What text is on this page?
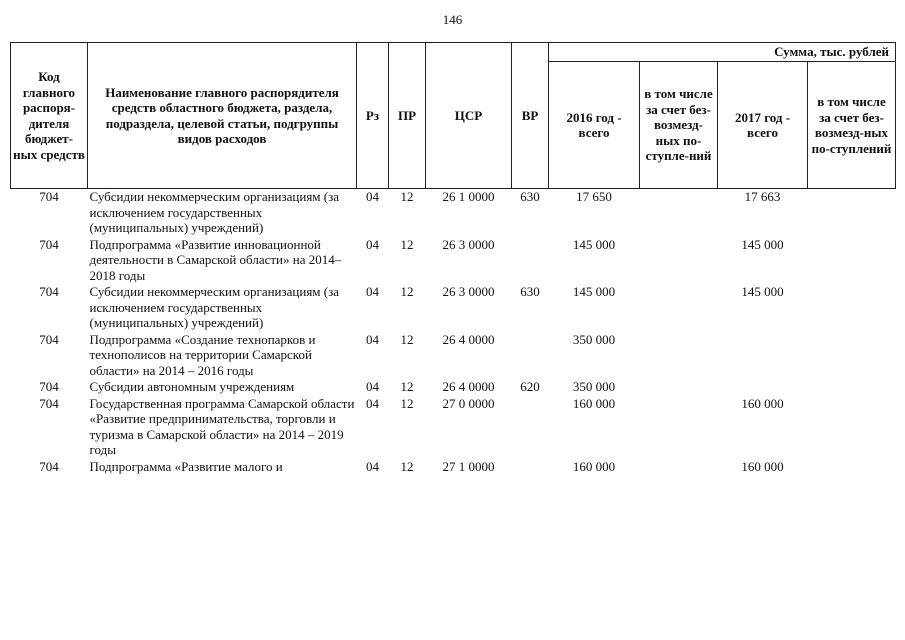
146
Код главного распоря-дителя бюджет-ных средств	Наименование главного распорядителя средств областного бюджета, раздела, подраздела, целевой статьи, подгруппы видов расходов	Рз	ПР	ЦСР	ВР	Сумма, тыс. рублей			
						2016 год - всего	в том числе за счет без-возмезд-ных по-ступле-ний	2017 год - всего	в том числе за счет без-возмезд-ных по-ступлений
704	Субсидии некоммерческим организациям (за исключением государственных (муниципальных) учреждений)	04	12	26 1 0000	630	17 650		17 663	
704	Подпрограмма «Развитие инновационной деятельности в Самарской области» на 2014–2018 годы	04	12	26 3 0000		145 000		145 000	
704	Субсидии некоммерческим организациям (за исключением государственных (муниципальных) учреждений)	04	12	26 3 0000	630	145 000		145 000	
704	Подпрограмма «Создание технопарков и технополисов на территории Самарской области» на 2014 – 2016 годы	04	12	26 4 0000		350 000			
704	Субсидии автономным учреждениям	04	12	26 4 0000	620	350 000			
704	Государственная программа Самарской области «Развитие предпринимательства, торговли и туризма в Самарской области» на 2014 – 2019 годы	04	12	27 0 0000		160 000		160 000	
704	Подпрограмма «Развитие малого и	04	12	27 1 0000		160 000		160 000	
